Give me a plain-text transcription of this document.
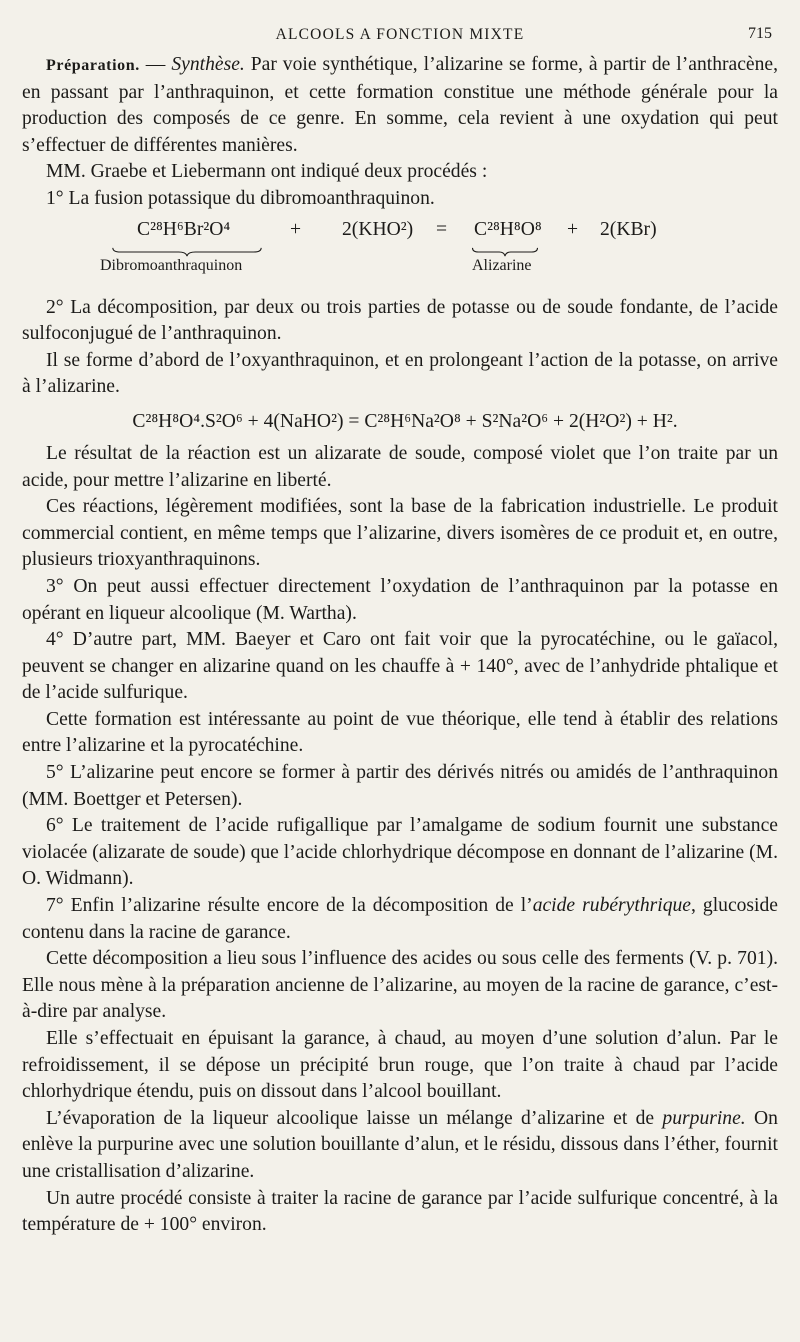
ALCOOLS A FONCTION MIXTE	715

Préparation. — Synthèse. Par voie synthétique, l’alizarine se forme, à partir de l’anthracène, en passant par l’anthraquinon, et cette formation constitue une méthode générale pour la production des composés de ce genre. En somme, cela revient à une oxydation qui peut s’effectuer de différentes manières.

MM. Graebe et Liebermann ont indiqué deux procédés :

1° La fusion potassique du dibromoanthraquinon.

C²⁸H⁶Br²O⁴	+ 2(KHO²) = C²⁸H⁸O⁸ + 2(KBr)
Dibromoanthraquinon	Alizarine

2° La décomposition, par deux ou trois parties de potasse ou de soude fondante, de l’acide sulfoconjugué de l’anthraquinon.

Il se forme d’abord de l’oxyanthraquinon, et en prolongeant l’action de la potasse, on arrive à l’alizarine.

C²⁸H⁸O⁴.S²O⁶ + 4(NaHO²) = C²⁸H⁶Na²O⁸ + S²Na²O⁶ + 2(H²O²) + H².

Le résultat de la réaction est un alizarate de soude, composé violet que l’on traite par un acide, pour mettre l’alizarine en liberté.

Ces réactions, légèrement modifiées, sont la base de la fabrication industrielle. Le produit commercial contient, en même temps que l’alizarine, divers isomères de ce produit et, en outre, plusieurs trioxyanthraquinons.

3° On peut aussi effectuer directement l’oxydation de l’anthraquinon par la potasse en opérant en liqueur alcoolique (M. Wartha).

4° D’autre part, MM. Baeyer et Caro ont fait voir que la pyrocatéchine, ou le gaïacol, peuvent se changer en alizarine quand on les chauffe à + 140°, avec de l’anhydride phtalique et de l’acide sulfurique.

Cette formation est intéressante au point de vue théorique, elle tend à établir des relations entre l’alizarine et la pyrocatéchine.

5° L’alizarine peut encore se former à partir des dérivés nitrés ou amidés de l’anthraquinon (MM. Boettger et Petersen).

6° Le traitement de l’acide rufigallique par l’amalgame de sodium fournit une substance violacée (alizarate de soude) que l’acide chlorhydrique décompose en donnant de l’alizarine (M. O. Widmann).

7° Enfin l’alizarine résulte encore de la décomposition de l’acide rubérythrique, glucoside contenu dans la racine de garance.

Cette décomposition a lieu sous l’influence des acides ou sous celle des ferments (V. p. 701). Elle nous mène à la préparation ancienne de l’alizarine, au moyen de la racine de garance, c’est-à-dire par analyse.

Elle s’effectuait en épuisant la garance, à chaud, au moyen d’une solution d’alun. Par le refroidissement, il se dépose un précipité brun rouge, que l’on traite à chaud par l’acide chlorhydrique étendu, puis on dissout dans l’alcool bouillant.

L’évaporation de la liqueur alcoolique laisse un mélange d’alizarine et de purpurine. On enlève la purpurine avec une solution bouillante d’alun, et le résidu, dissous dans l’éther, fournit une cristallisation d’alizarine.

Un autre procédé consiste à traiter la racine de garance par l’acide sulfurique concentré, à la température de + 100° environ.
